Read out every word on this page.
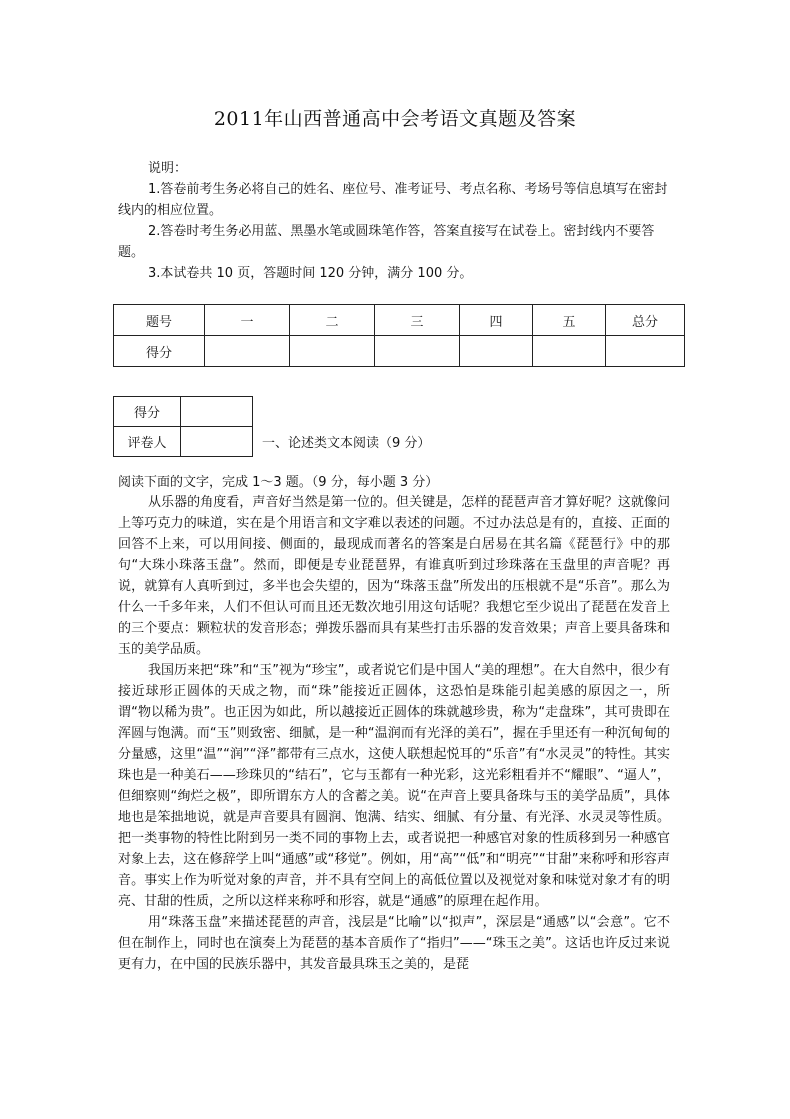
2011年山西普通高中会考语文真题及答案
说明：
1.答卷前考生务必将自己的姓名、座位号、准考证号、考点名称、考场号等信息填写在密封线内的相应位置。
2.答卷时考生务必用蓝、黑墨水笔或圆珠笔作答，答案直接写在试卷上。密封线内不要答题。
3.本试卷共 10 页，答题时间 120 分钟，满分 100 分。
题号	一	二	三	四	五	总分
得分						
得分	
评卷人		一、论述类文本阅读（9 分）
阅读下面的文字，完成 1～3 题。（9 分，每小题 3 分）

从乐器的角度看，声音好当然是第一位的。但关键是，怎样的琵琶声音才算好呢？这就像问上等巧克力的味道，实在是个用语言和文字难以表述的问题。不过办法总是有的，直接、正面的回答不上来，可以用间接、侧面的，最现成而著名的答案是白居易在其名篇《琵琶行》中的那句“大珠小珠落玉盘”。然而，即便是专业琵琶界，有谁真听到过珍珠落在玉盘里的声音呢？再说，就算有人真听到过，多半也会失望的，因为“珠落玉盘”所发出的压根就不是“乐音”。那么为什么一千多年来，人们不但认可而且还无数次地引用这句话呢？我想它至少说出了琵琶在发音上的三个要点：颗粒状的发音形态；弹拨乐器而具有某些打击乐器的发音效果；声音上要具备珠和玉的美学品质。

我国历来把“珠”和“玉”视为“珍宝”，或者说它们是中国人“美的理想”。在大自然中，很少有接近球形正圆体的天成之物，而“珠”能接近正圆体，这恐怕是珠能引起美感的原因之一，所谓“物以稀为贵”。也正因为如此，所以越接近正圆体的珠就越珍贵，称为“走盘珠”，其可贵即在浑圆与饱满。而“玉”则致密、细腻，是一种“温润而有光泽的美石”，握在手里还有一种沉甸甸的分量感，这里“温”“润”“泽”都带有三点水，这使人联想起悦耳的“乐音”有“水灵灵”的特性。其实珠也是一种美石——珍珠贝的“结石”，它与玉都有一种光彩，这光彩粗看并不“耀眼”、“逼人”，但细察则“绚烂之极”，即所谓东方人的含蓄之美。说“在声音上要具备珠与玉的美学品质”，具体地也是笨拙地说，就是声音要具有圆润、饱满、结实、细腻、有分量、有光泽、水灵灵等性质。把一类事物的特性比附到另一类不同的事物上去，或者说把一种感官对象的性质移到另一种感官对象上去，这在修辞学上叫“通感”或“移觉”。例如，用“高”“低”和“明亮”“甘甜”来称呼和形容声音。事实上作为听觉对象的声音，并不具有空间上的高低位置以及视觉对象和味觉对象才有的明亮、甘甜的性质，之所以这样来称呼和形容，就是“通感”的原理在起作用。

用“珠落玉盘”来描述琵琶的声音，浅层是“比喻”以“拟声”，深层是“通感”以“会意”。它不但在制作上，同时也在演奏上为琵琶的基本音质作了“指归”——“珠玉之美”。这话也许反过来说更有力，在中国的民族乐器中，其发音最具珠玉之美的，是琵
